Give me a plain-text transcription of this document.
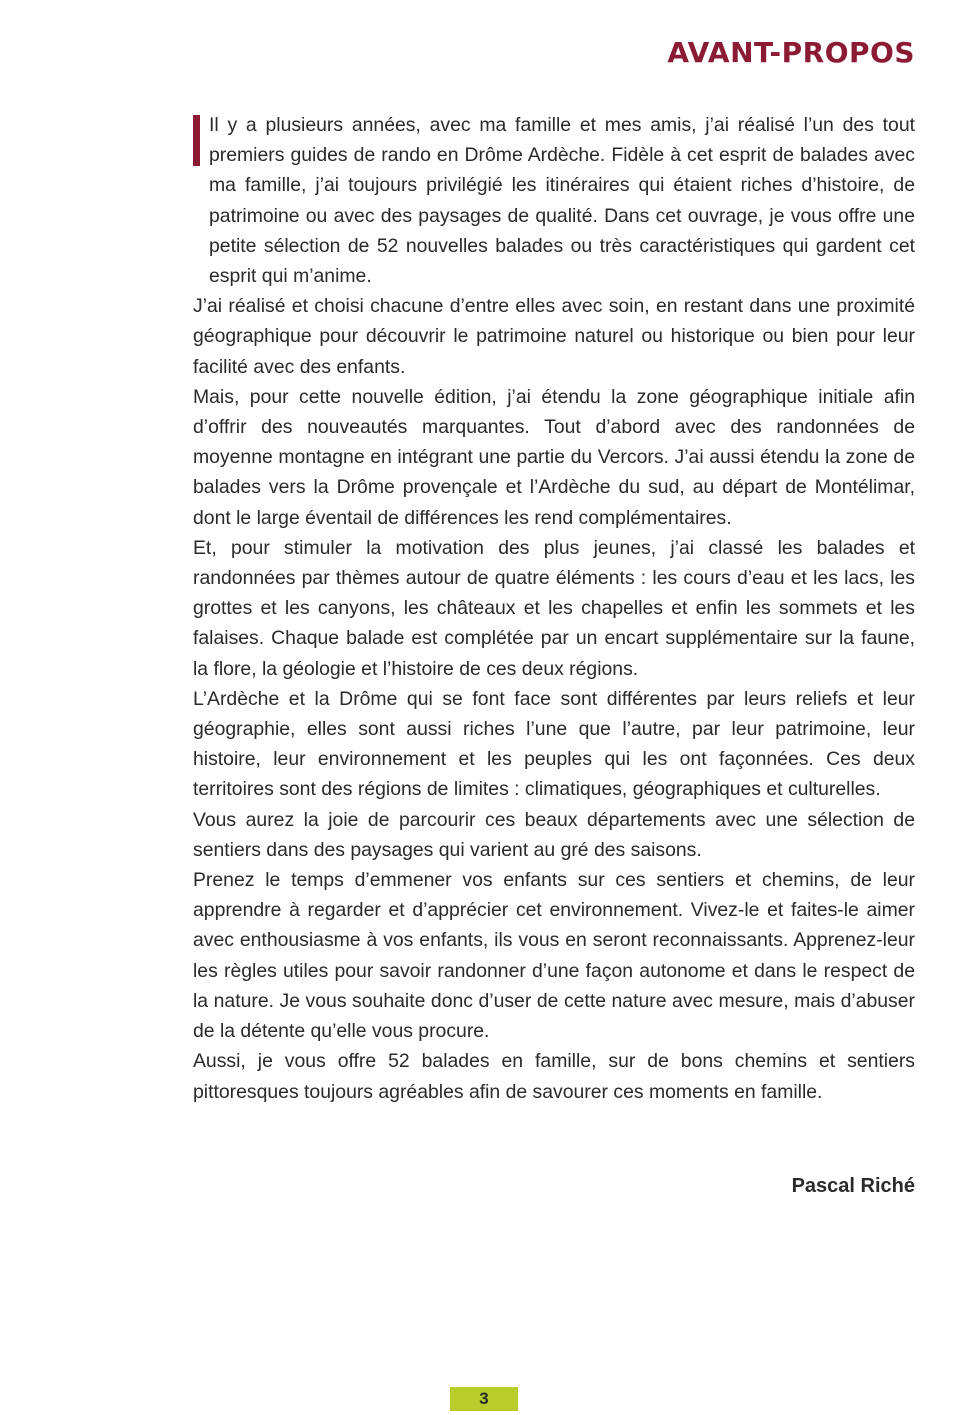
AVANT-PROPOS

Il y a plusieurs années, avec ma famille et mes amis, j’ai réalisé l’un des tout premiers guides de rando en Drôme Ardèche. Fidèle à cet esprit de balades avec ma famille, j’ai toujours privilégié les itinéraires qui étaient riches d’histoire, de patrimoine ou avec des paysages de qualité. Dans cet ouvrage, je vous offre une petite sélection de 52 nouvelles balades ou très caractéristiques qui gardent cet esprit qui m’anime.

J’ai réalisé et choisi chacune d’entre elles avec soin, en restant dans une proximité géographique pour découvrir le patrimoine naturel ou historique ou bien pour leur facilité avec des enfants.

Mais, pour cette nouvelle édition, j’ai étendu la zone géographique initiale afin d’offrir des nouveautés marquantes. Tout d’abord avec des randonnées de moyenne montagne en intégrant une partie du Vercors. J’ai aussi étendu la zone de balades vers la Drôme provençale et l’Ardèche du sud, au départ de Montélimar, dont le large éventail de différences les rend complémentaires.

Et, pour stimuler la motivation des plus jeunes, j’ai classé les balades et randonnées par thèmes autour de quatre éléments : les cours d’eau et les lacs, les grottes et les canyons, les châteaux et les chapelles et enfin les sommets et les falaises. Chaque balade est complétée par un encart supplémentaire sur la faune, la flore, la géologie et l’histoire de ces deux régions.

L’Ardèche et la Drôme qui se font face sont différentes par leurs reliefs et leur géographie, elles sont aussi riches l’une que l’autre, par leur patrimoine, leur histoire, leur environnement et les peuples qui les ont façonnées. Ces deux territoires sont des régions de limites : climatiques, géographiques et culturelles.

Vous aurez la joie de parcourir ces beaux départements avec une sélection de sentiers dans des paysages qui varient au gré des saisons.

Prenez le temps d’emmener vos enfants sur ces sentiers et chemins, de leur apprendre à regarder et d’apprécier cet environnement. Vivez-le et faites-le aimer avec enthousiasme à vos enfants, ils vous en seront reconnaissants. Apprenez-leur les règles utiles pour savoir randonner d’une façon autonome et dans le respect de la nature. Je vous souhaite donc d’user de cette nature avec mesure, mais d’abuser de la détente qu’elle vous procure.

Aussi, je vous offre 52 balades en famille, sur de bons chemins et sentiers pittoresques toujours agréables afin de savourer ces moments en famille.

Pascal Riché

3
